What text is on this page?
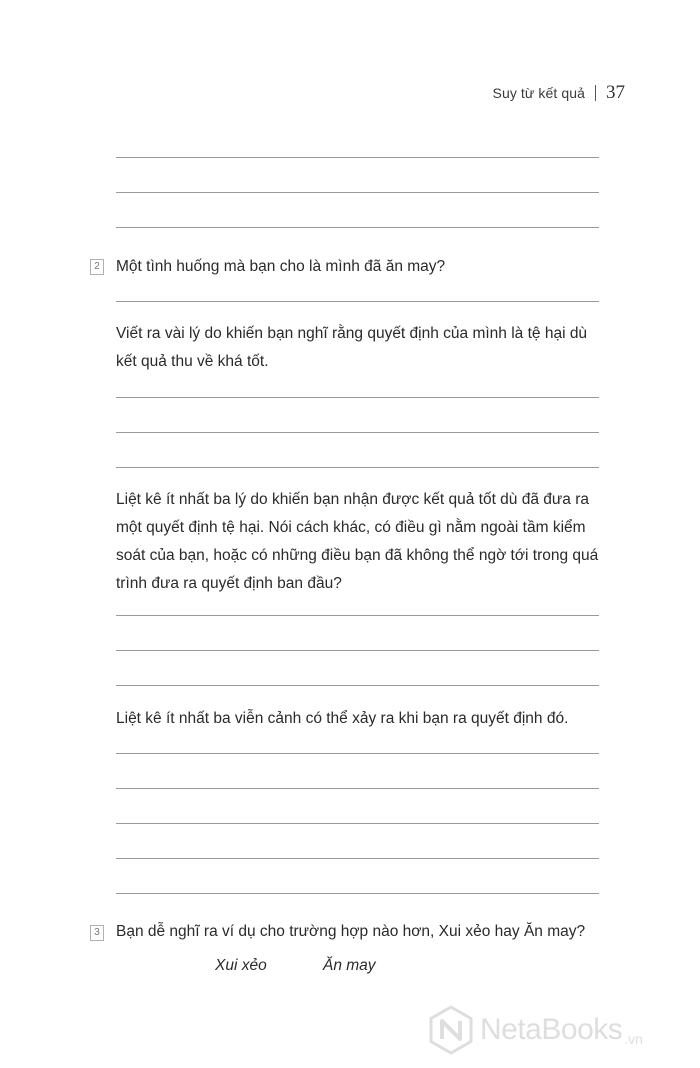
Suy từ kết quả 37
2 Một tình huống mà bạn cho là mình đã ăn may?
Viết ra vài lý do khiến bạn nghĩ rằng quyết định của mình là tệ hại dù kết quả thu về khá tốt.
Liệt kê ít nhất ba lý do khiến bạn nhận được kết quả tốt dù đã đưa ra một quyết định tệ hại. Nói cách khác, có điều gì nằm ngoài tầm kiểm soát của bạn, hoặc có những điều bạn đã không thể ngờ tới trong quá trình đưa ra quyết định ban đầu?
Liệt kê ít nhất ba viễn cảnh có thể xảy ra khi bạn ra quyết định đó.
3 Bạn dễ nghĩ ra ví dụ cho trường hợp nào hơn, Xui xẻo hay Ăn may?
Xui xẻo	Ăn may
NetaBooks .vn
